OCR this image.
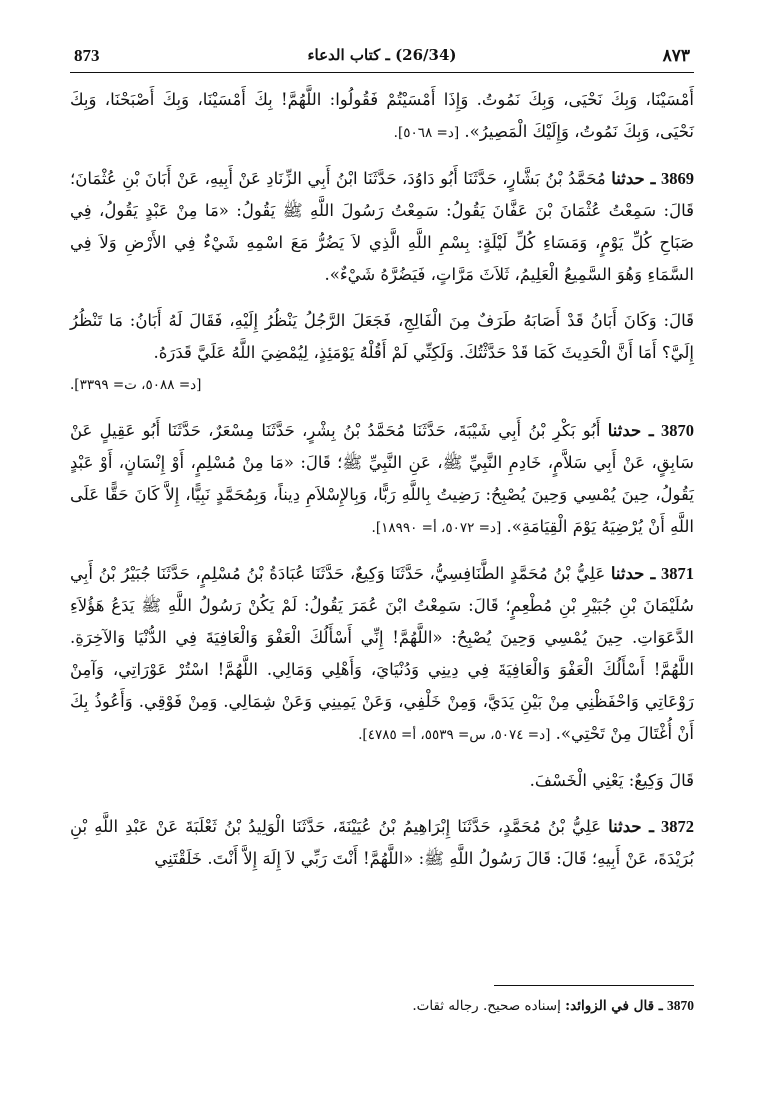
873	(26/34) ـ كتاب الدعاء	٨٧٣

أَمْسَيْنَا، وَبِكَ نَحْيَى، وَبِكَ نَمُوتُ. وَإِذَا أَمْسَيْتُمْ فَقُولُوا: اللَّهُمَّ! بِكَ أَمْسَيْنَا، وَبِكَ أَصْبَحْنَا، وَبِكَ نَحْيَى، وَبِكَ نَمُوتُ، وَإِلَيْكَ الْمَصِيرُ». [د= ٥٠٦٨].

3869 ـ حدثنا مُحَمَّدُ بْنُ بَشَّارٍ، حَدَّثَنَا أَبُو دَاوُدَ، حَدَّثَنَا ابْنُ أَبِي الزِّنَادِ عَنْ أَبِيهِ، عَنْ أَبَانَ بْنِ عُثْمَانَ؛ قَالَ: سَمِعْتُ عُثْمَانَ بْنَ عَفَّانَ يَقُولُ: سَمِعْتُ رَسُولَ اللَّهِ ﷺ يَقُولُ: «مَا مِنْ عَبْدٍ يَقُولُ، فِي صَبَاحِ كُلِّ يَوْمٍ، وَمَسَاءِ كُلِّ لَيْلَةٍ: بِسْمِ اللَّهِ الَّذِي لاَ يَضُرُّ مَعَ اسْمِهِ شَيْءٌ فِي الأَرْضِ وَلاَ فِي السَّمَاءِ وَهُوَ السَّمِيعُ الْعَلِيمُ، ثَلاَثَ مَرَّاتٍ، فَيَضُرَّهُ شَيْءٌ».

قَالَ: وَكَانَ أَبَانُ قَدْ أَصَابَهُ طَرَفٌ مِنَ الْفَالِجِ، فَجَعَلَ الرَّجُلُ يَنْظُرُ إِلَيْهِ، فَقَالَ لَهُ أَبَانُ: مَا تَنْظُرُ إِلَيَّ؟ أَمَا أَنَّ الْحَدِيثَ كَمَا قَدْ حَدَّثْتُكَ. وَلَكِنِّي لَمْ أَقُلْهُ يَوْمَئِذٍ، لِيُمْضِيَ اللَّهُ عَلَيَّ قَدَرَهُ.

[د= ٥٠٨٨، ت= ٣٣٩٩].

3870 ـ حدثنا أَبُو بَكْرِ بْنُ أَبِي شَيْبَةَ، حَدَّثَنَا مُحَمَّدُ بْنُ بِشْرٍ، حَدَّثَنَا مِسْعَرٌ، حَدَّثَنَا أَبُو عَقِيلٍ عَنْ سَابِقٍ، عَنْ أَبِي سَلاَّمٍ، خَادِمِ النَّبِيِّ ﷺ، عَنِ النَّبِيِّ ﷺ؛ قَالَ: «مَا مِنْ مُسْلِمٍ، أَوْ إِنْسَانٍ، أَوْ عَبْدٍ يَقُولُ، حِينَ يُمْسِي وَحِينَ يُصْبِحُ: رَضِيتُ بِاللَّهِ رَبًّا، وَبِالإِسْلاَمِ دِيناً، وَبِمُحَمَّدٍ نَبِيًّا، إِلاَّ كَانَ حَقًّا عَلَى اللَّهِ أَنْ يُرْضِيَهُ يَوْمَ الْقِيَامَةِ». [د= ٥٠٧٢، أ= ١٨٩٩٠].

3871 ـ حدثنا عَلِيُّ بْنُ مُحَمَّدٍ الطَّنَافِسِيُّ، حَدَّثَنَا وَكِيعٌ، حَدَّثَنَا عُبَادَةُ بْنُ مُسْلِمٍ، حَدَّثَنَا جُبَيْرُ بْنُ أَبِي سُلَيْمَانَ بْنِ جُبَيْرِ بْنِ مُطْعِمٍ؛ قَالَ: سَمِعْتُ ابْنَ عُمَرَ يَقُولُ: لَمْ يَكُنْ رَسُولُ اللَّهِ ﷺ يَدَعُ هَؤُلاَءِ الدَّعَوَاتِ. حِينَ يُمْسِي وَحِينَ يُصْبِحُ: «اللَّهُمَّ! إِنِّي أَسْأَلُكَ الْعَفْوَ وَالْعَافِيَةَ فِي الدُّنْيَا وَالآخِرَةِ. اللَّهُمَّ! أَسْأَلُكَ الْعَفْوَ وَالْعَافِيَةَ فِي دِينِي وَدُنْيَايَ، وَأَهْلِي وَمَالِي. اللَّهُمَّ! اسْتُرْ عَوْرَاتِي، وَآمِنْ رَوْعَاتِي وَاحْفَظْنِي مِنْ بَيْنِ يَدَيَّ، وَمِنْ خَلْفِي، وَعَنْ يَمِينِي وَعَنْ شِمَالِي. وَمِنْ فَوْقِي. وَأَعُوذُ بِكَ أَنْ أُغْتَالَ مِنْ تَحْتِي». [د= ٥٠٧٤، س= ٥٥٣٩، أ= ٤٧٨٥].

قَالَ وَكِيعٌ: يَعْنِي الْخَسْفَ.

3872 ـ حدثنا عَلِيُّ بْنُ مُحَمَّدٍ، حَدَّثَنَا إِبْرَاهِيمُ بْنُ عُيَيْنَةَ، حَدَّثَنَا الْوَلِيدُ بْنُ ثَعْلَبَةَ عَنْ عَبْدِ اللَّهِ بْنِ بُرَيْدَةَ، عَنْ أَبِيهِ؛ قَالَ: قَالَ رَسُولُ اللَّهِ ﷺ: «اللَّهُمَّ! أَنْتَ رَبِّي لاَ إِلَهَ إِلاَّ أَنْتَ. خَلَقْتَنِي

3870 ـ قال في الزوائد: إسناده صحيح. رجاله ثقات.
